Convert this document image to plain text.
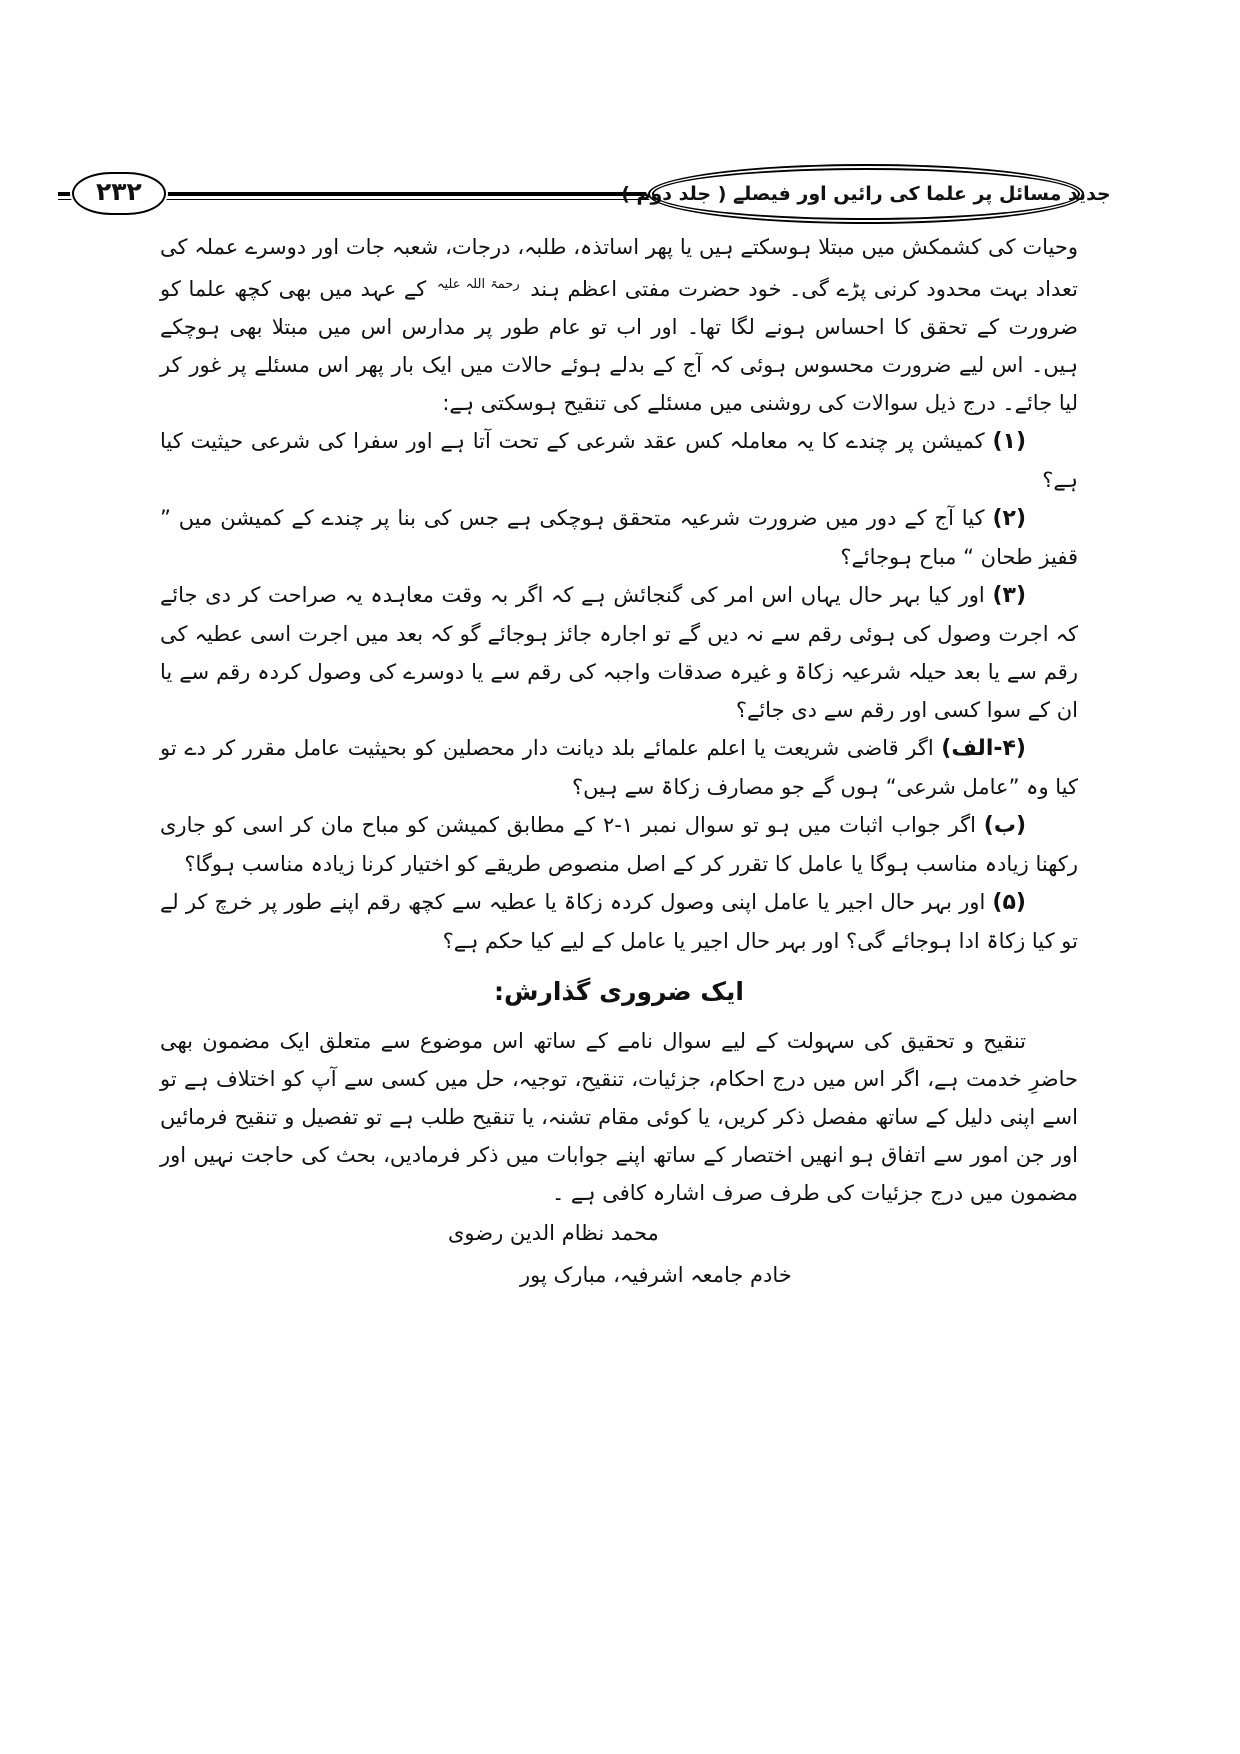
۲۳۲	جدید مسائل پر علما کی رائیں اور فیصلے ( جلد دوم )

وحیات کی کشمکش میں مبتلا ہوسکتے ہیں یا پھر اساتذہ، طلبہ، درجات، شعبہ جات اور دوسرے عملہ کی تعداد بہت محدود کرنی پڑے گی۔ خود حضرت مفتی اعظم ہند $^{رحمۃ اللہ علیہ}$ کے عہد میں بھی کچھ علما کو ضرورت کے تحقق کا احساس ہونے لگا تھا۔ اور اب تو عام طور پر مدارس اس میں مبتلا بھی ہوچکے ہیں۔ اس لیے ضرورت محسوس ہوئی کہ آج کے بدلے ہوئے حالات میں ایک بار پھر اس مسئلے پر غور کر لیا جائے۔ درج ذیل سوالات کی روشنی میں مسئلے کی تنقیح ہوسکتی ہے:

(۱) کمیشن پر چندے کا یہ معاملہ کس عقد شرعی کے تحت آتا ہے اور سفرا کی شرعی حیثیت کیا ہے؟

(۲) کیا آج کے دور میں ضرورت شرعیہ متحقق ہوچکی ہے جس کی بنا پر چندے کے کمیشن میں ” قفیز طحان “ مباح ہوجائے؟

(۳) اور کیا بہر حال یہاں اس امر کی گنجائش ہے کہ اگر بہ وقت معاہدہ یہ صراحت کر دی جائے کہ اجرت وصول کی ہوئی رقم سے نہ دیں گے تو اجارہ جائز ہوجائے گو کہ بعد میں اجرت اسی عطیہ کی رقم سے یا بعد حیلہ شرعیہ زکاۃ و غیرہ صدقات واجبہ کی رقم سے یا دوسرے کی وصول کردہ رقم سے یا ان کے سوا کسی اور رقم سے دی جائے؟

(۴-الف) اگر قاضی شریعت یا اعلم علمائے بلد دیانت دار محصلین کو بحیثیت عامل مقرر کر دے تو کیا وہ ”عامل شرعی“ ہوں گے جو مصارف زکاۃ سے ہیں؟

(ب) اگر جواب اثبات میں ہو تو سوال نمبر ۱-۲ کے مطابق کمیشن کو مباح مان کر اسی کو جاری رکھنا زیادہ مناسب ہوگا یا عامل کا تقرر کر کے اصل منصوص طریقے کو اختیار کرنا زیادہ مناسب ہوگا؟

(۵) اور بہر حال اجیر یا عامل اپنی وصول کردہ زکاۃ یا عطیہ سے کچھ رقم اپنے طور پر خرچ کر لے تو کیا زکاۃ ادا ہوجائے گی؟ اور بہر حال اجیر یا عامل کے لیے کیا حکم ہے؟

ایک ضروری گذارش:

تنقیح و تحقیق کی سہولت کے لیے سوال نامے کے ساتھ اس موضوع سے متعلق ایک مضمون بھی حاضرِ خدمت ہے، اگر اس میں درج احکام، جزئیات، تنقیح، توجیہ، حل میں کسی سے آپ کو اختلاف ہے تو اسے اپنی دلیل کے ساتھ مفصل ذکر کریں، یا کوئی مقام تشنہ، یا تنقیح طلب ہے تو تفصیل و تنقیح فرمائیں اور جن امور سے اتفاق ہو انھیں اختصار کے ساتھ اپنے جوابات میں ذکر فرمادیں، بحث کی حاجت نہیں اور مضمون میں درج جزئیات کی طرف صرف اشارہ کافی ہے ۔

محمد نظام الدین رضوی
خادم جامعہ اشرفیہ، مبارک پور
